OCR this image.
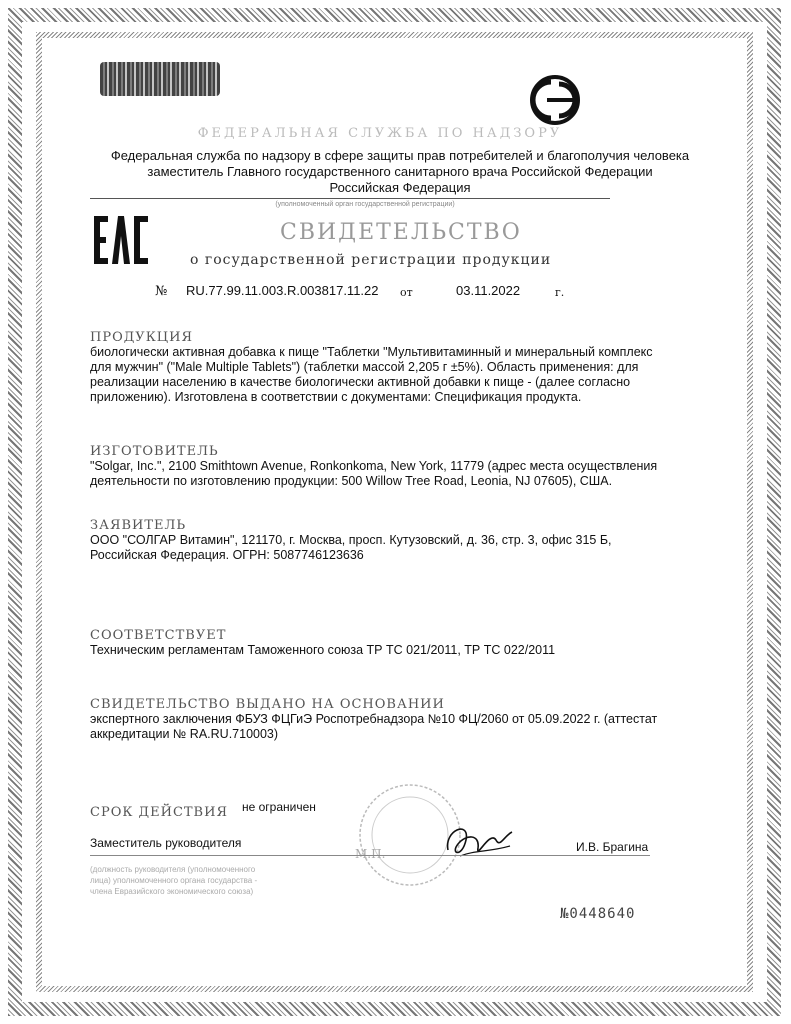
ФЕДЕРАЛЬНАЯ СЛУЖБА ПО НАДЗОРУ
Федеральная служба по надзору в сфере защиты прав потребителей и благополучия человека
заместитель Главного государственного санитарного врача Российской Федерации
Российская Федерация
(уполномоченный орган государственной регистрации)
СВИДЕТЕЛЬСТВО
о государственной регистрации продукции
№ RU.77.99.11.003.R.003817.11.22 от	03.11.2022	г.
ПРОДУКЦИЯ
биологически активная добавка к пище "Таблетки "Мультивитаминный и минеральный комплекс
для мужчин" ("Male Multiple Tablets") (таблетки массой 2,205 г ±5%). Область применения: для
реализации населению в качестве биологически активной добавки к пище - (далее согласно
приложению). Изготовлена в соответствии с документами: Спецификация продукта.
ИЗГОТОВИТЕЛЬ
"Solgar, Inc.", 2100 Smithtown Avenue, Ronkonkoma, New York, 11779 (адрес места осуществления
деятельности по изготовлению продукции: 500 Willow Tree Road, Leonia, NJ 07605), США.
ЗАЯВИТЕЛЬ
ООО "СОЛГАР Витамин", 121170, г. Москва, просп. Кутузовский, д. 36, стр. 3, офис 315 Б,
Российская Федерация. ОГРН: 5087746123636
СООТВЕТСТВУЕТ
Техническим регламентам Таможенного союза ТР ТС 021/2011, ТР ТС 022/2011
СВИДЕТЕЛЬСТВО ВЫДАНО НА ОСНОВАНИИ
экспертного заключения ФБУЗ ФЦГиЭ Роспотребнадзора №10 ФЦ/2060 от 05.09.2022 г. (аттестат
аккредитации № RA.RU.710003)
М.П.
СРОК ДЕЙСТВИЯ не ограничен
Заместитель руководителя	И.В. Брагина
(должность руководителя (уполномоченного
лица) уполномоченного органа государства -
члена Евразийского экономического союза)
№0448640
